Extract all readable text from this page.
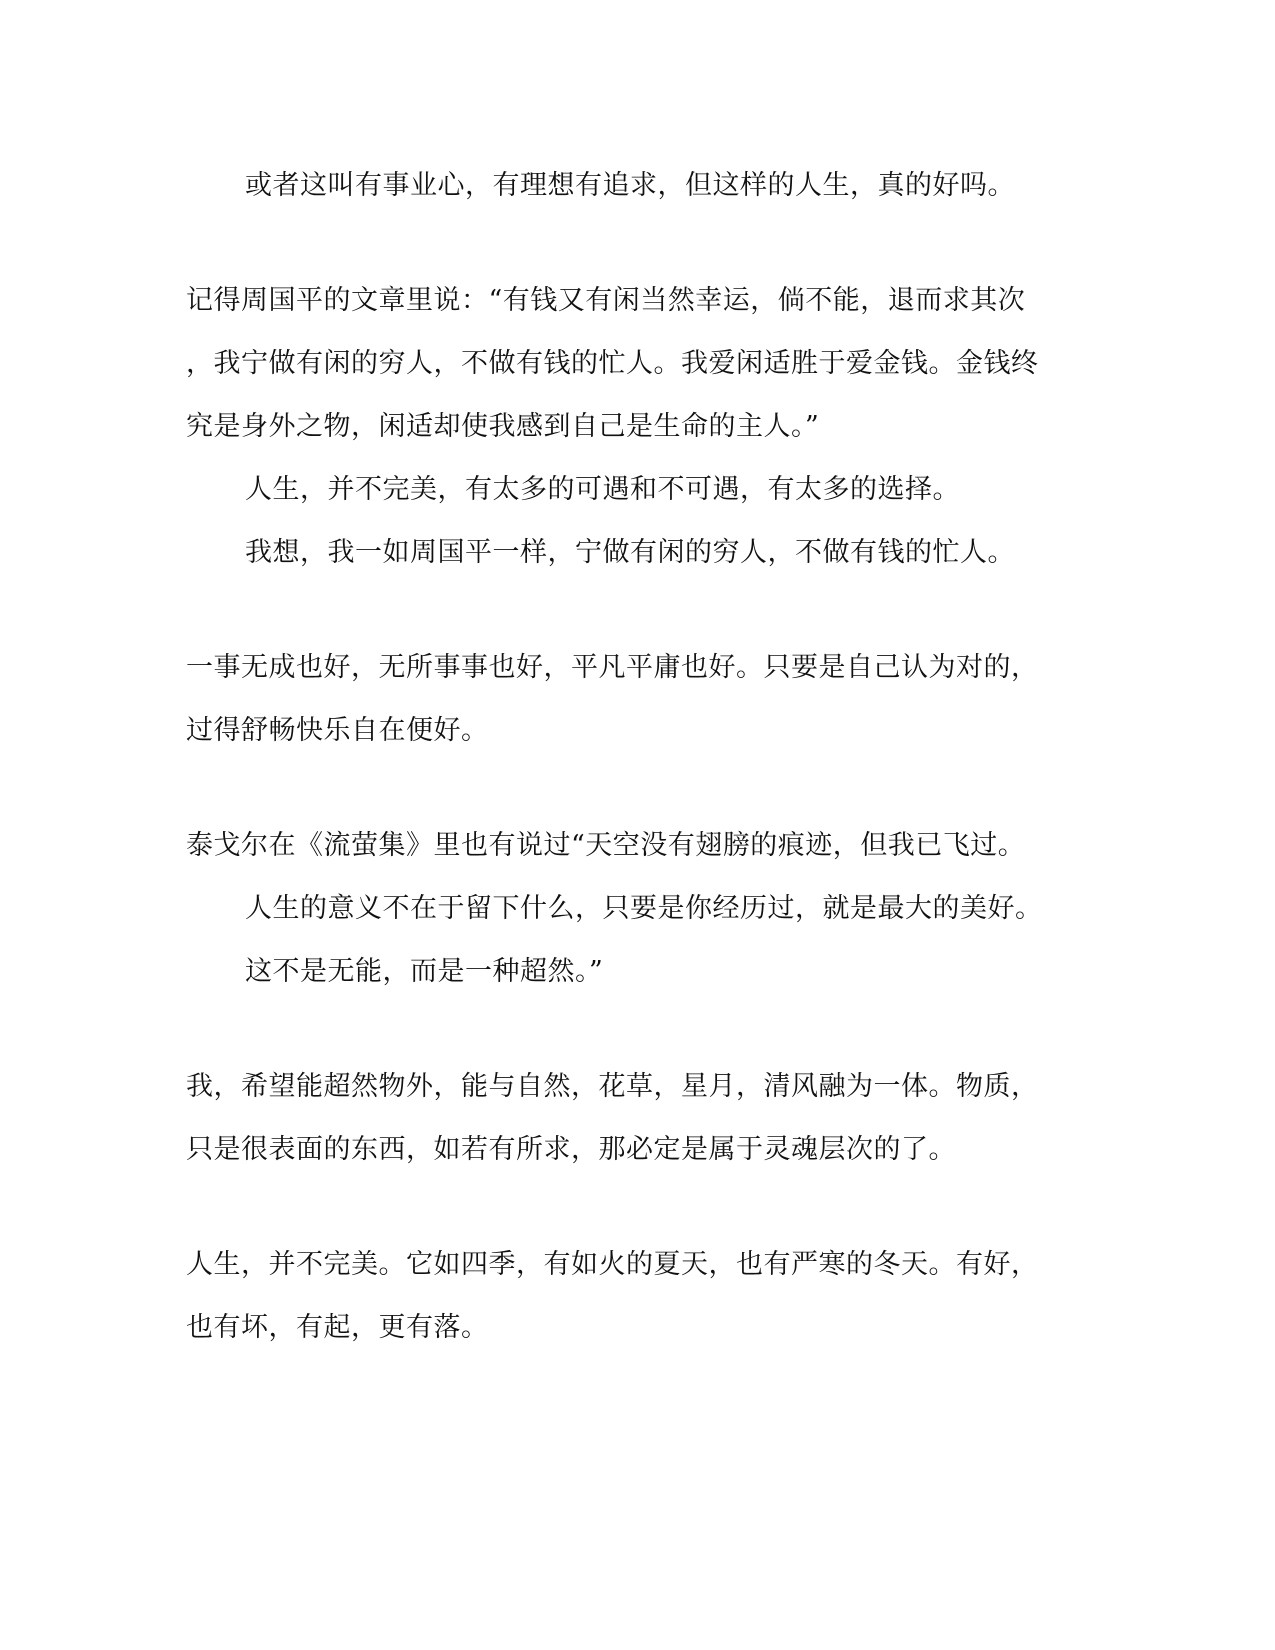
或者这叫有事业心，有理想有追求，但这样的人生，真的好吗。
记得周国平的文章里说：“有钱又有闲当然幸运，倘不能，退而求其次
，我宁做有闲的穷人，不做有钱的忙人。我爱闲适胜于爱金钱。金钱终
究是身外之物，闲适却使我感到自己是生命的主人。”
人生，并不完美，有太多的可遇和不可遇，有太多的选择。
我想，我一如周国平一样，宁做有闲的穷人，不做有钱的忙人。
一事无成也好，无所事事也好，平凡平庸也好。只要是自己认为对的，
过得舒畅快乐自在便好。
泰戈尔在《流萤集》里也有说过“天空没有翅膀的痕迹，但我已飞过。
人生的意义不在于留下什么，只要是你经历过，就是最大的美好。
这不是无能，而是一种超然。”
我，希望能超然物外，能与自然，花草，星月，清风融为一体。物质，
只是很表面的东西，如若有所求，那必定是属于灵魂层次的了。
人生，并不完美。它如四季，有如火的夏天，也有严寒的冬天。有好，
也有坏，有起，更有落。
